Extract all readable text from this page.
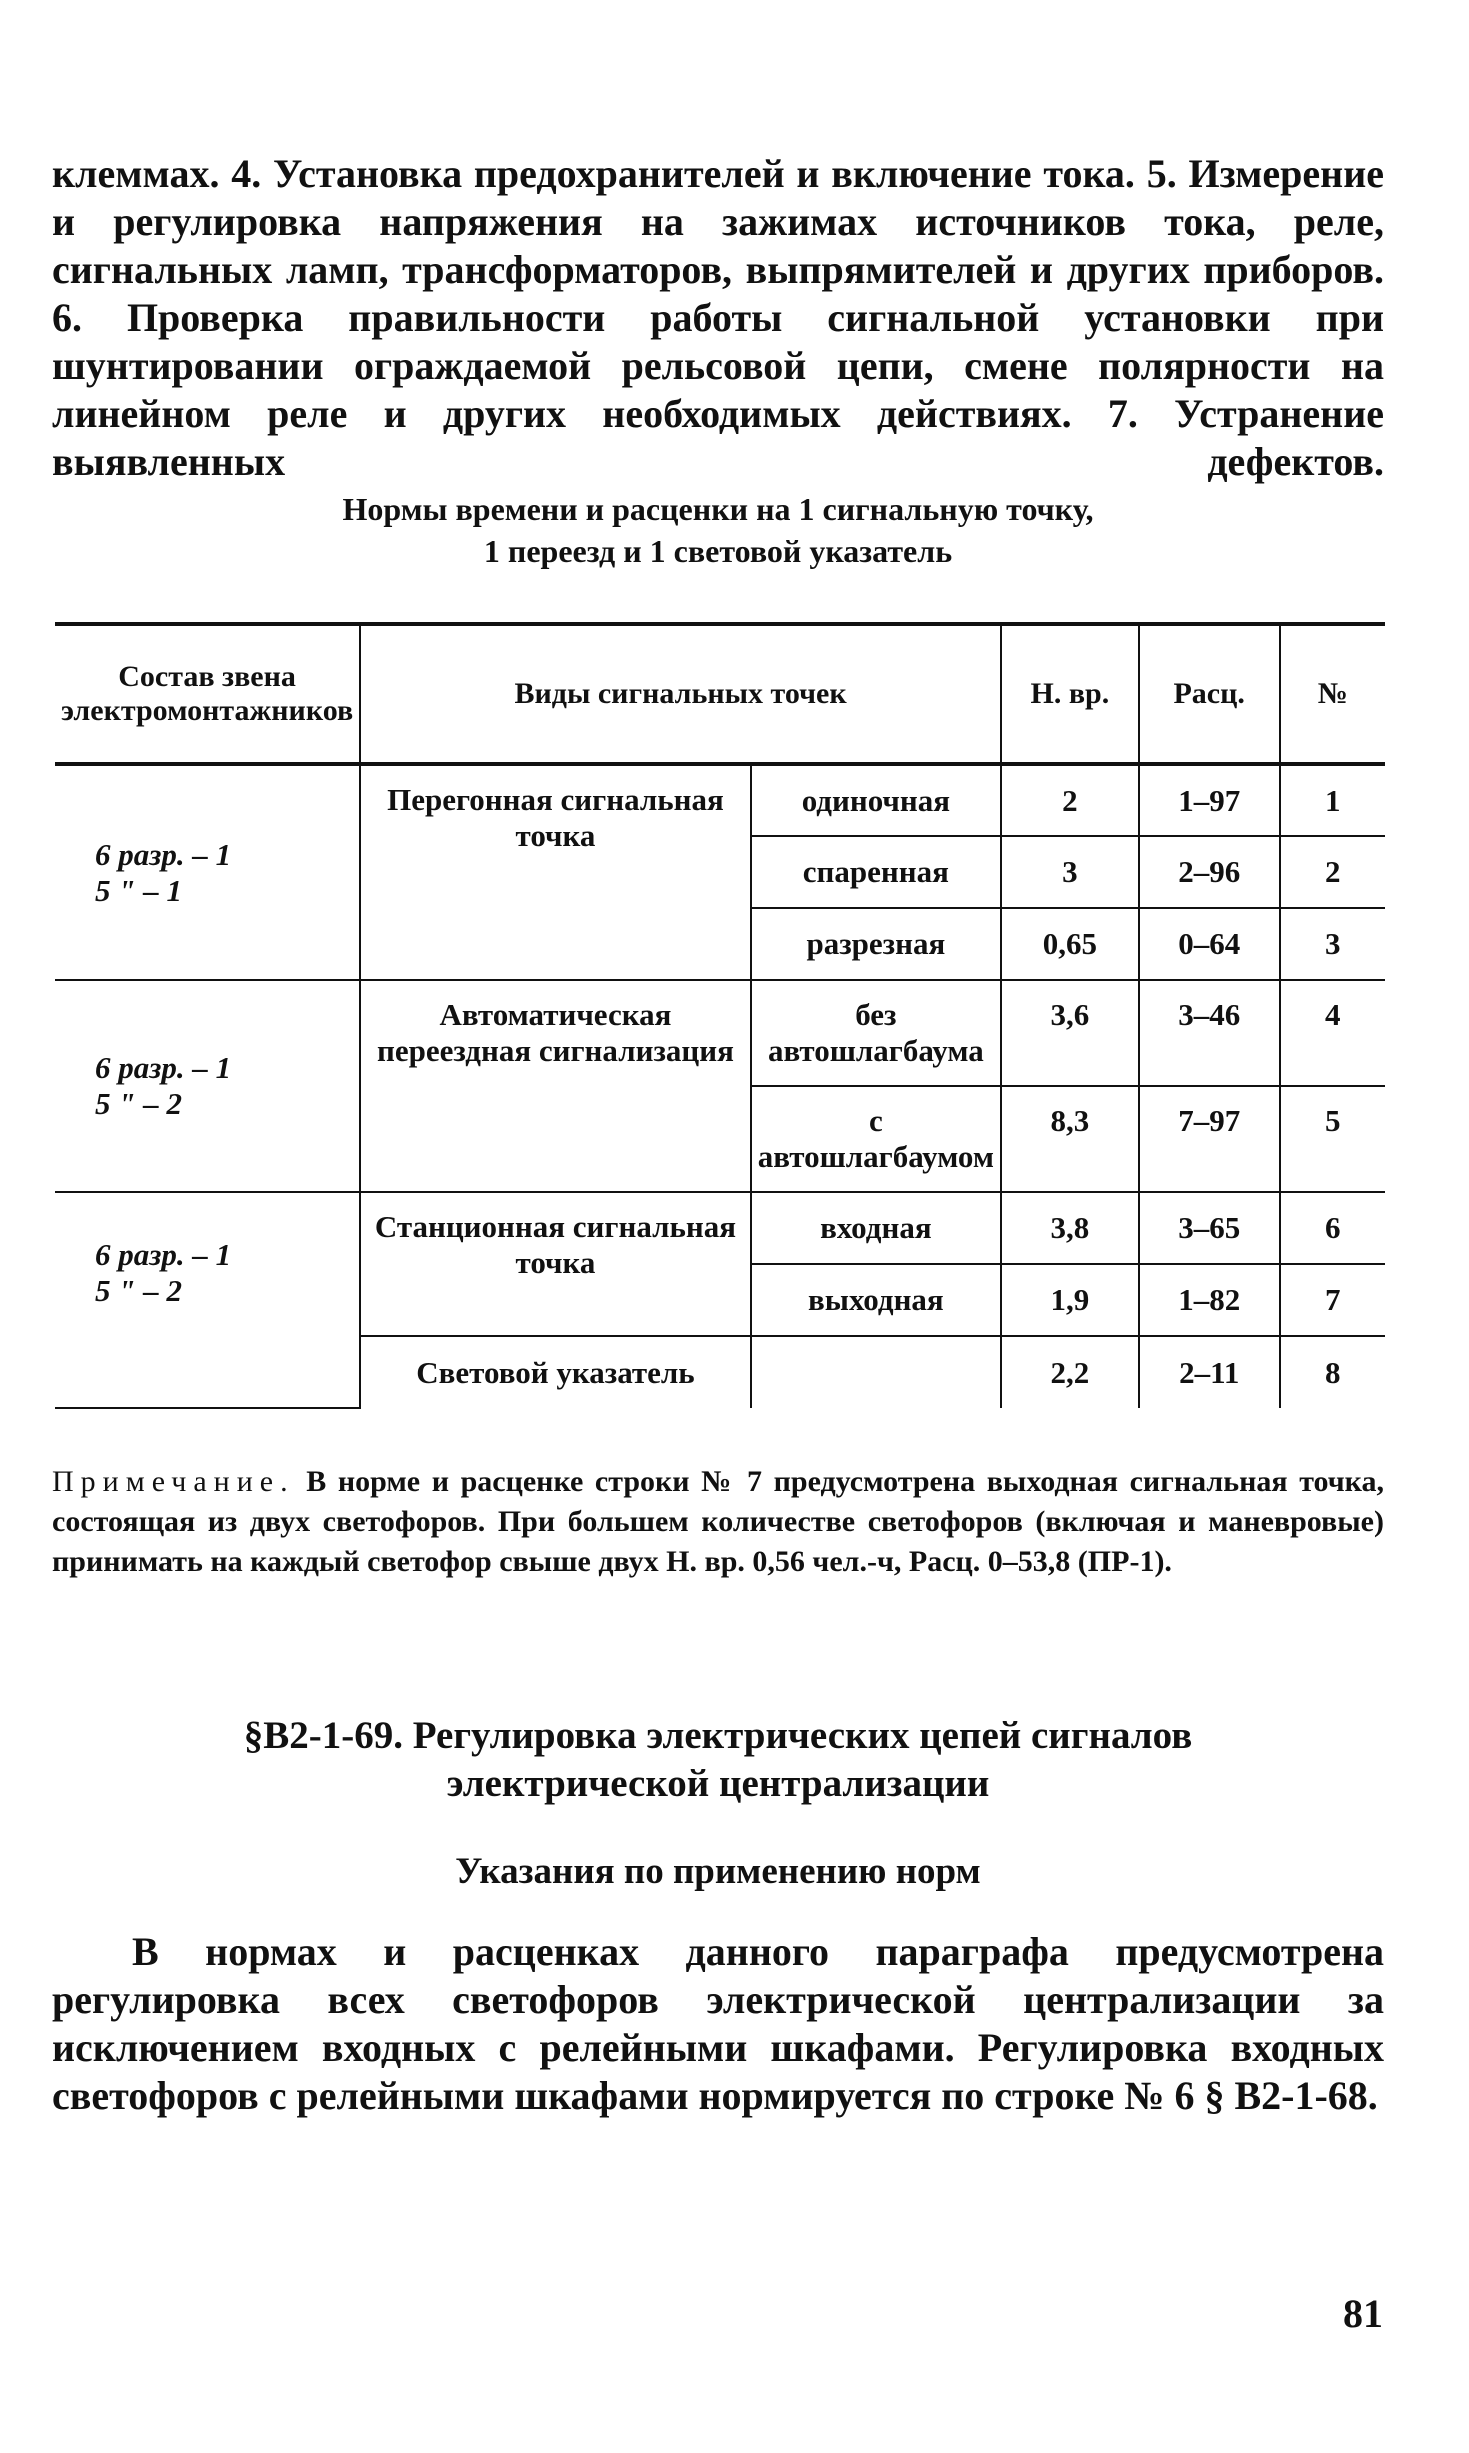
клеммах. 4. Установка предохранителей и включение тока. 5. Измерение и регулировка напряжения на зажимах источников тока, реле, сигнальных ламп, трансформаторов, выпрямителей и других приборов. 6. Проверка правильности работы сигнальной установки при шунтировании ограждаемой рельсовой цепи, смене полярности на линейном реле и других необходимых действиях. 7. Устранение выявленных дефектов.

Нормы времени и расценки на 1 сигнальную точку,
1 переезд и 1 световой указатель
Состав звена электромонтажников	Виды сигнальных точек		Н. вр.	Расц.	№

6 разр. – 1
5 " – 1	Перегонная сигнальная точка	одиночная	2	1–97	1
		спаренная	3	2–96	2
		разрезная	0,65	0–64	3

6 разр. – 1
5 " – 2	Автоматическая переездная сигнализация	без автошлагбаума	3,6	3–46	4
		с автошлагбаумом	8,3	7–97	5

6 разр. – 1
5 " – 2	Станционная сигнальная точка	входная	3,8	3–65	6
		выходная	1,9	1–82	7
	Световой указатель		2,2	2–11	8
Примечание. В норме и расценке строки № 7 предусмотрена выходная сигнальная точка, состоящая из двух светофоров. При большем количестве светофоров (включая и маневровые) принимать на каждый светофор свыше двух Н. вр. 0,56 чел.-ч, Расц. 0–53,8 (ПР-1).
§В2-1-69. Регулировка электрических цепей сигналов
электрической централизации
Указания по применению норм
В нормах и расценках данного параграфа предусмотрена регулировка всех светофоров электрической централизации за исключением входных с релейными шкафами. Регулировка входных светофоров с релейными шкафами нормируется по строке № 6 § В2-1-68.
81
